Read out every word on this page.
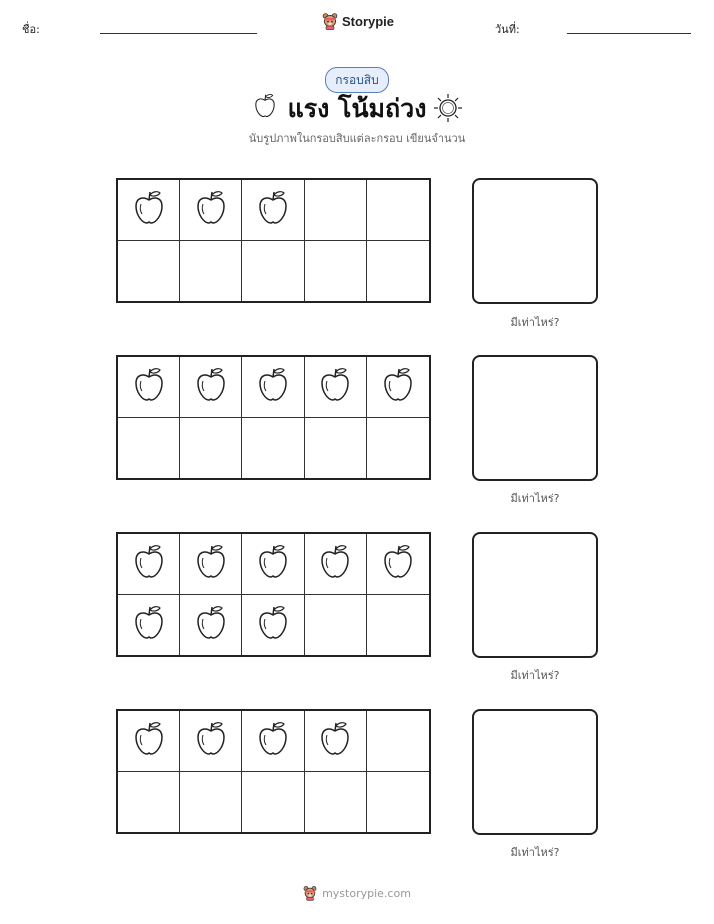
ชื่อ:
Storypie
วันที่:
กรอบสิบ
แรง โน้มถ่วง
นับรูปภาพในกรอบสิบแต่ละกรอบ เขียนจำนวน
มีเท่าไหร่?
มีเท่าไหร่?
มีเท่าไหร่?
มีเท่าไหร่?
mystorypie.com
